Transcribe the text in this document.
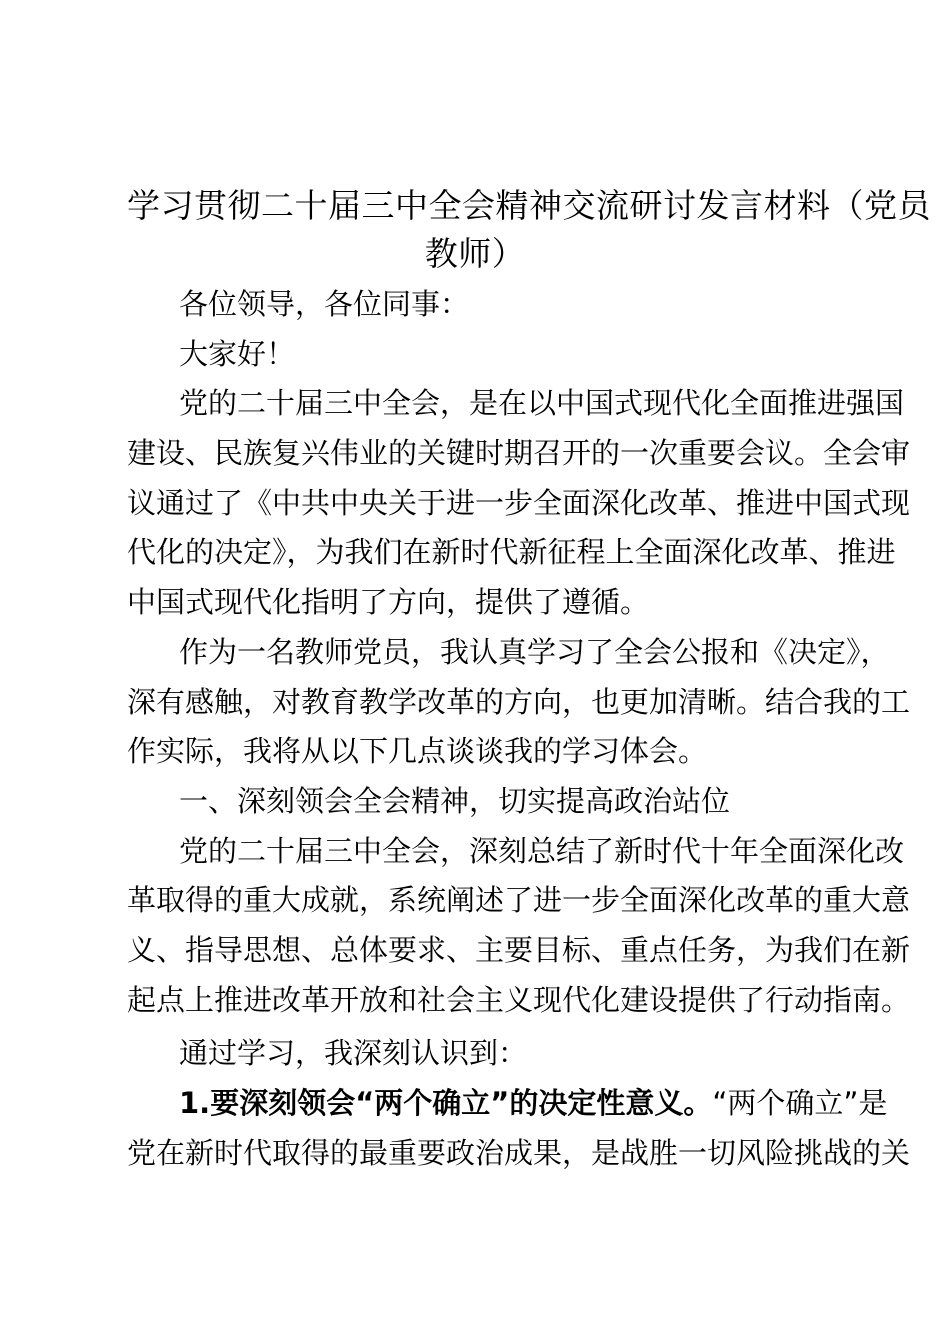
学习贯彻二十届三中全会精神交流研讨发言材料（党员
教师）
各位领导，各位同事：
大家好！
党的二十届三中全会，是在以中国式现代化全面推进强国
建设、民族复兴伟业的关键时期召开的一次重要会议。全会审
议通过了《中共中央关于进一步全面深化改革、推进中国式现
代化的决定》，为我们在新时代新征程上全面深化改革、推进
中国式现代化指明了方向，提供了遵循。
作为一名教师党员，我认真学习了全会公报和《决定》，
深有感触，对教育教学改革的方向，也更加清晰。结合我的工
作实际，我将从以下几点谈谈我的学习体会。
一、深刻领会全会精神，切实提高政治站位
党的二十届三中全会，深刻总结了新时代十年全面深化改
革取得的重大成就，系统阐述了进一步全面深化改革的重大意
义、指导思想、总体要求、主要目标、重点任务，为我们在新
起点上推进改革开放和社会主义现代化建设提供了行动指南。
通过学习，我深刻认识到：
1.要深刻领会“两个确立”的决定性意义。“两个确立”是
党在新时代取得的最重要政治成果，是战胜一切风险挑战的关
